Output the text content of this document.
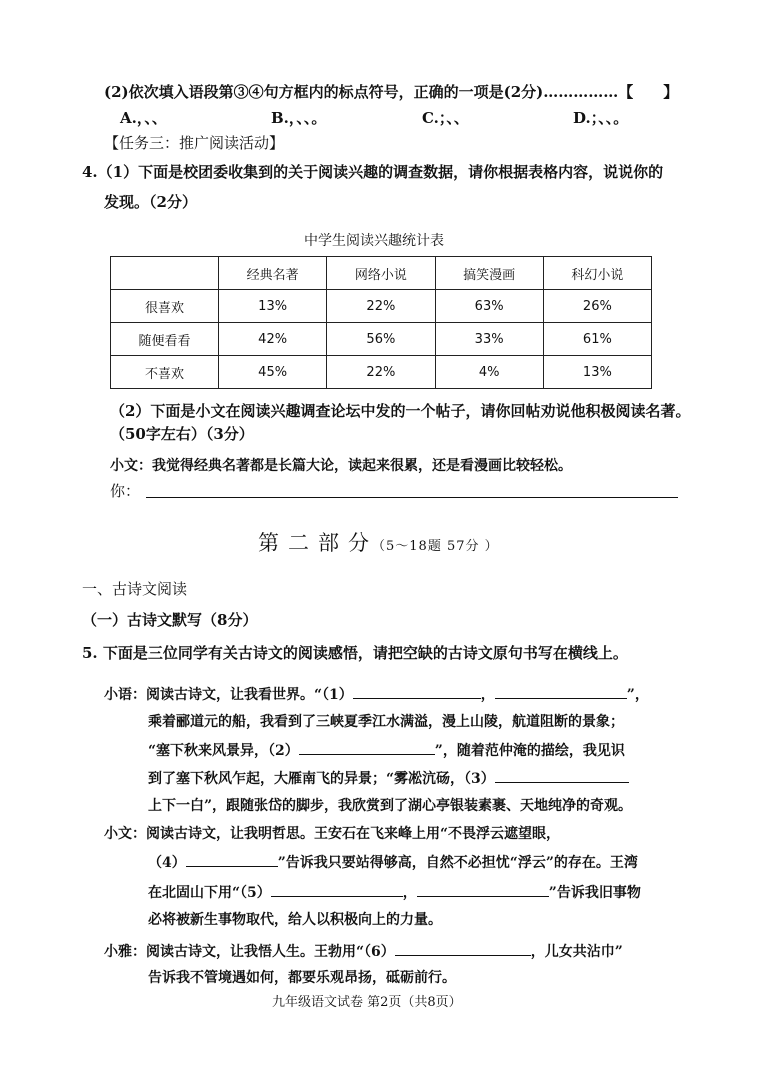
(2)依次填入语段第③④句方框内的标点符号，正确的一项是(2分)……………【　　】
A.，、、	B.，、、。	C.；、、	D.；、、。
【任务三：推广阅读活动】
4.（1）下面是校团委收集到的关于阅读兴趣的调查数据，请你根据表格内容，说说你的
发现。（2分）
中学生阅读兴趣统计表
	经典名著	网络小说	搞笑漫画	科幻小说
很喜欢	13%	22%	63%	26%
随便看看	42%	56%	33%	61%
不喜欢	45%	22%	4%	13%
（2）下面是小文在阅读兴趣调查论坛中发的一个帖子，请你回帖劝说他积极阅读名著。
（50字左右）（3分）
小文：我觉得经典名著都是长篇大论，读起来很累，还是看漫画比较轻松。
你：
第二部分（5～18题 57分 ）
一、古诗文阅读
（一）古诗文默写（8分）
5. 下面是三位同学有关古诗文的阅读感悟，请把空缺的古诗文原句书写在横线上。
小语：阅读古诗文，让我看世界。“（1）	，	”，
乘着郦道元的船，我看到了三峡夏季江水满溢，漫上山陵，航道阻断的景象；
“塞下秋来风景异，（2）	”，随着范仲淹的描绘，我见识
到了塞下秋风乍起，大雁南飞的异景；“雾凇沆砀，（3）
上下一白”，跟随张岱的脚步，我欣赏到了湖心亭银装素裹、天地纯净的奇观。
小文：阅读古诗文，让我明哲思。王安石在飞来峰上用“不畏浮云遮望眼，
（4）	”告诉我只要站得够高，自然不必担忧“浮云”的存在。王湾
在北固山下用“（5）	，	”告诉我旧事物
必将被新生事物取代，给人以积极向上的力量。
小雅：阅读古诗文，让我悟人生。王勃用“（6）	，儿女共沾巾”
告诉我不管境遇如何，都要乐观昂扬，砥砺前行。
九年级语文试卷 第2页（共8页）
